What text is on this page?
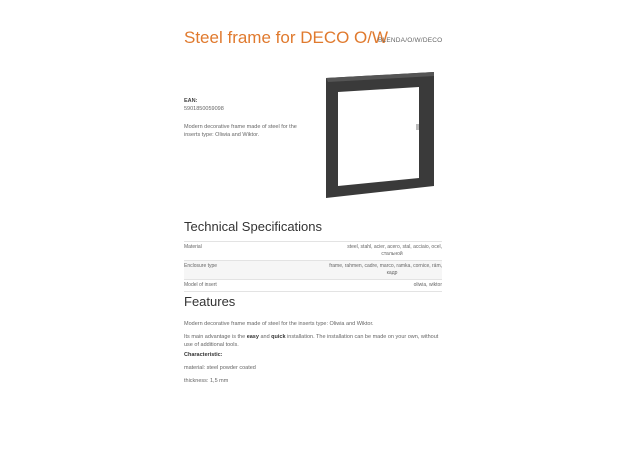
Steel frame for DECO O/W
BLENDA/O/W/DECO
EAN:
5901850059098
Modern decorative frame made of steel for the inserts type: Oliwia and Wiktor.
Technical Specifications
Material	steel, stahl, acier, acero, stal, acciaio, ocel,
стальной
Enclosure type	frame, rahmen, cadre, marco, ramka, cornice, rám,
кадр
Model of insert	oliwia, wiktor
Features
Modern decorative frame made of steel for the inserts type: Oliwia and Wiktor.
Its main advantage is the easy and quick installation. The installation can be made on your own, without use of additional tools.
Characteristic:
material: steel powder coated
thickness: 1,5 mm
